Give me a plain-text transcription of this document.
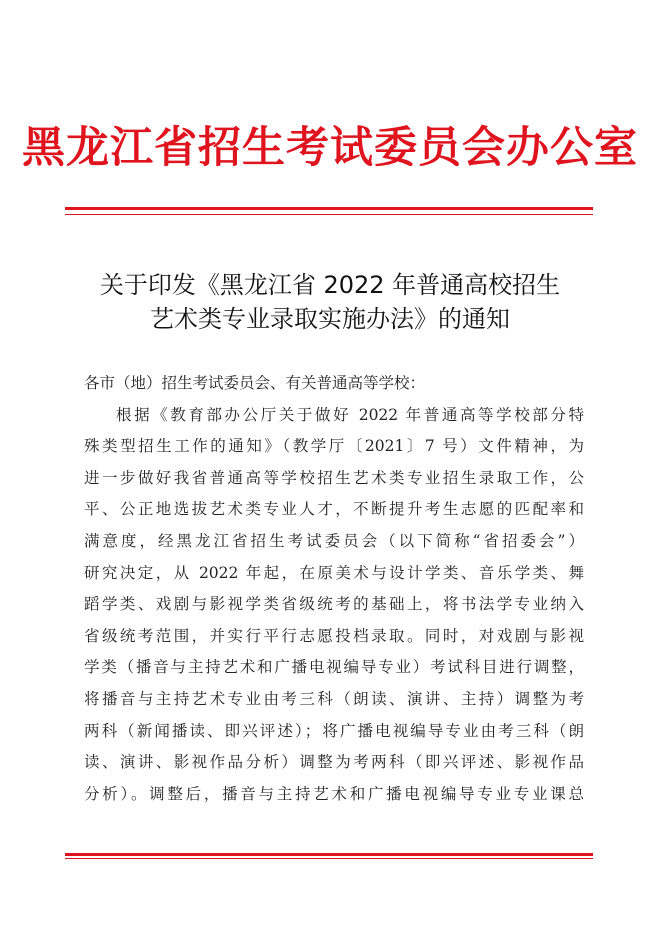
黑龙江省招生考试委员会办公室
关于印发《黑龙江省 2022 年普通高校招生
艺术类专业录取实施办法》的通知
各市（地）招生考试委员会、有关普通高等学校：
根据《教育部办公厅关于做好 2022 年普通高等学校部分特
殊类型招生工作的通知》（教学厅〔2021〕7 号）文件精神，为
进一步做好我省普通高等学校招生艺术类专业招生录取工作，公
平、公正地选拔艺术类专业人才，不断提升考生志愿的匹配率和
满意度，经黑龙江省招生考试委员会（以下简称“省招委会”）
研究决定，从 2022 年起，在原美术与设计学类、音乐学类、舞
蹈学类、戏剧与影视学类省级统考的基础上，将书法学专业纳入
省级统考范围，并实行平行志愿投档录取。同时，对戏剧与影视
学类（播音与主持艺术和广播电视编导专业）考试科目进行调整，
将播音与主持艺术专业由考三科（朗读、演讲、主持）调整为考
两科（新闻播读、即兴评述）；将广播电视编导专业由考三科（朗
读、演讲、影视作品分析）调整为考两科（即兴评述、影视作品
分析）。调整后，播音与主持艺术和广播电视编导专业专业课总
